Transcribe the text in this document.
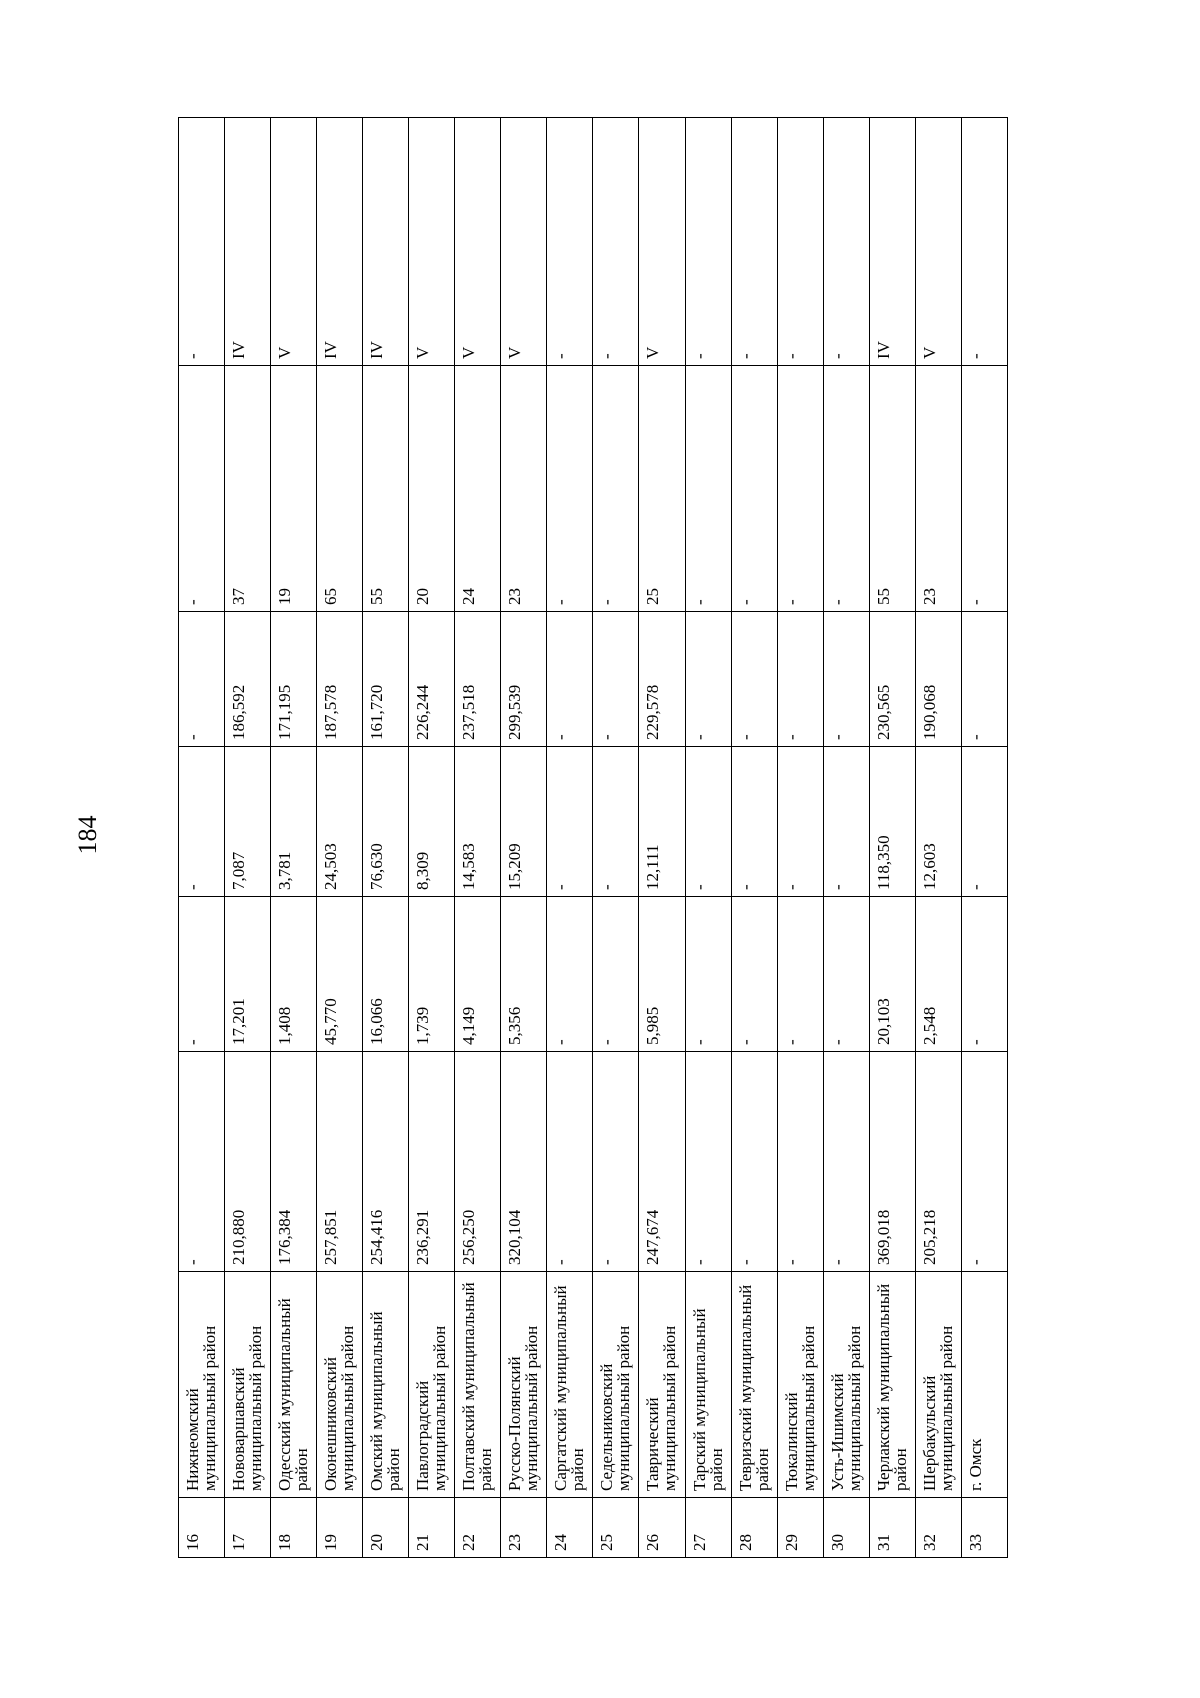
184
16	Нижнеомский муниципальный район	-	-	-	-	-	-
17	Нововаршавский муниципальный район	210,880	17,201	7,087	186,592	37	IV
18	Одесский муниципальный район	176,384	1,408	3,781	171,195	19	V
19	Оконешниковский муниципальный район	257,851	45,770	24,503	187,578	65	IV
20	Омский муниципальный район	254,416	16,066	76,630	161,720	55	IV
21	Павлоградский муниципальный район	236,291	1,739	8,309	226,244	20	V
22	Полтавский муниципальный район	256,250	4,149	14,583	237,518	24	V
23	Русско-Полянский муниципальный район	320,104	5,356	15,209	299,539	23	V
24	Саргатский муниципальный район	-	-	-	-	-	-
25	Седельниковский муниципальный район	-	-	-	-	-	-
26	Таврический муниципальный район	247,674	5,985	12,111	229,578	25	V
27	Тарский муниципальный район	-	-	-	-	-	-
28	Тевризский муниципальный район	-	-	-	-	-	-
29	Тюкалинский муниципальный район	-	-	-	-	-	-
30	Усть-Ишимский муниципальный район	-	-	-	-	-	-
31	Черлакский муниципальный район	369,018	20,103	118,350	230,565	55	IV
32	Шербакульский муниципальный район	205,218	2,548	12,603	190,068	23	V
33	г. Омск	-	-	-	-	-	-
